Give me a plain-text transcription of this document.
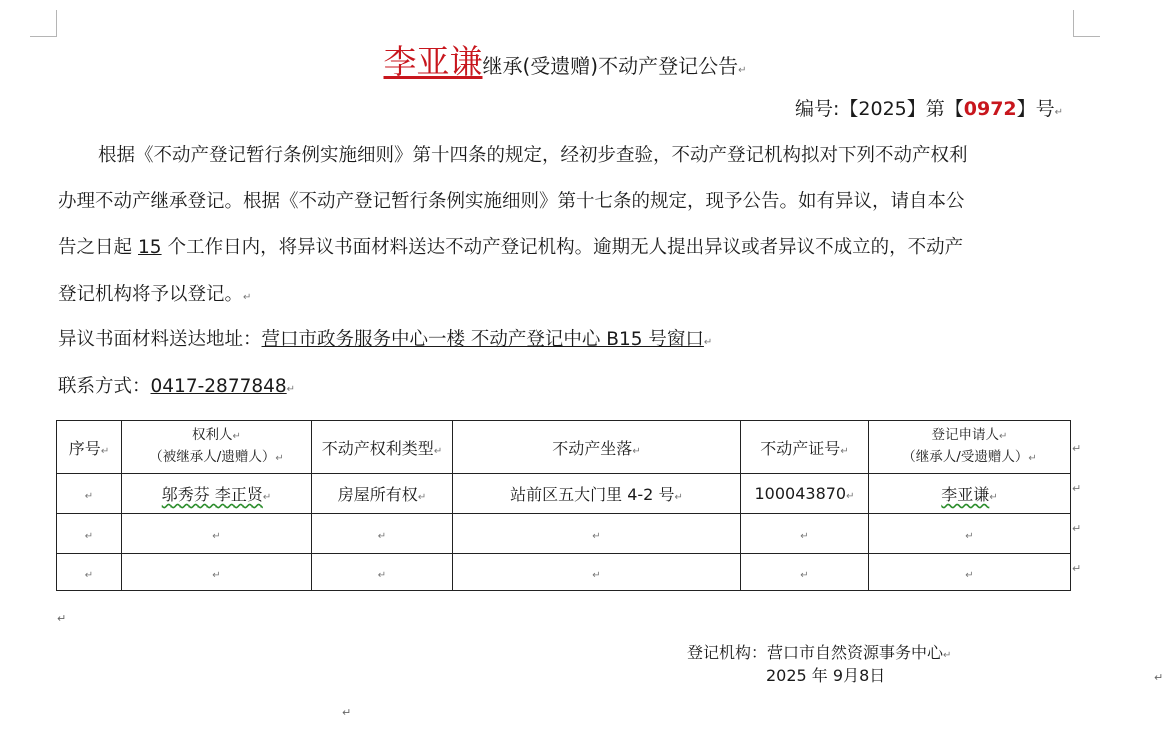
李亚谦继承(受遗赠)不动产登记公告↵
编号:【2025】第【0972】号↵
根据《不动产登记暂行条例实施细则》第十四条的规定，经初步查验，不动产登记机构拟对下列不动产权利
办理不动产继承登记。根据《不动产登记暂行条例实施细则》第十七条的规定，现予公告。如有异议，请自本公
告之日起 15 个工作日内，将异议书面材料送达不动产登记机构。逾期无人提出异议或者异议不成立的，不动产
登记机构将予以登记。↵
异议书面材料送达地址：营口市政务服务中心一楼 不动产登记中心 B15 号窗口↵
联系方式：0417-2877848↵
序号↵	权利人↵
（被继承人/遗赠人）↵	不动产权利类型↵	不动产坐落↵	不动产证号↵	登记申请人↵
（继承人/受遗赠人）↵
↵	邬秀芬 李正贤↵	房屋所有权↵	站前区五大门里 4-2 号↵	100043870↵	李亚谦↵
↵	↵	↵	↵	↵	↵
↵	↵	↵	↵	↵	↵
↵
↵
↵
↵
↵
登记机构：营口市自然资源事务中心↵
2025 年 9月8日
↵
↵
